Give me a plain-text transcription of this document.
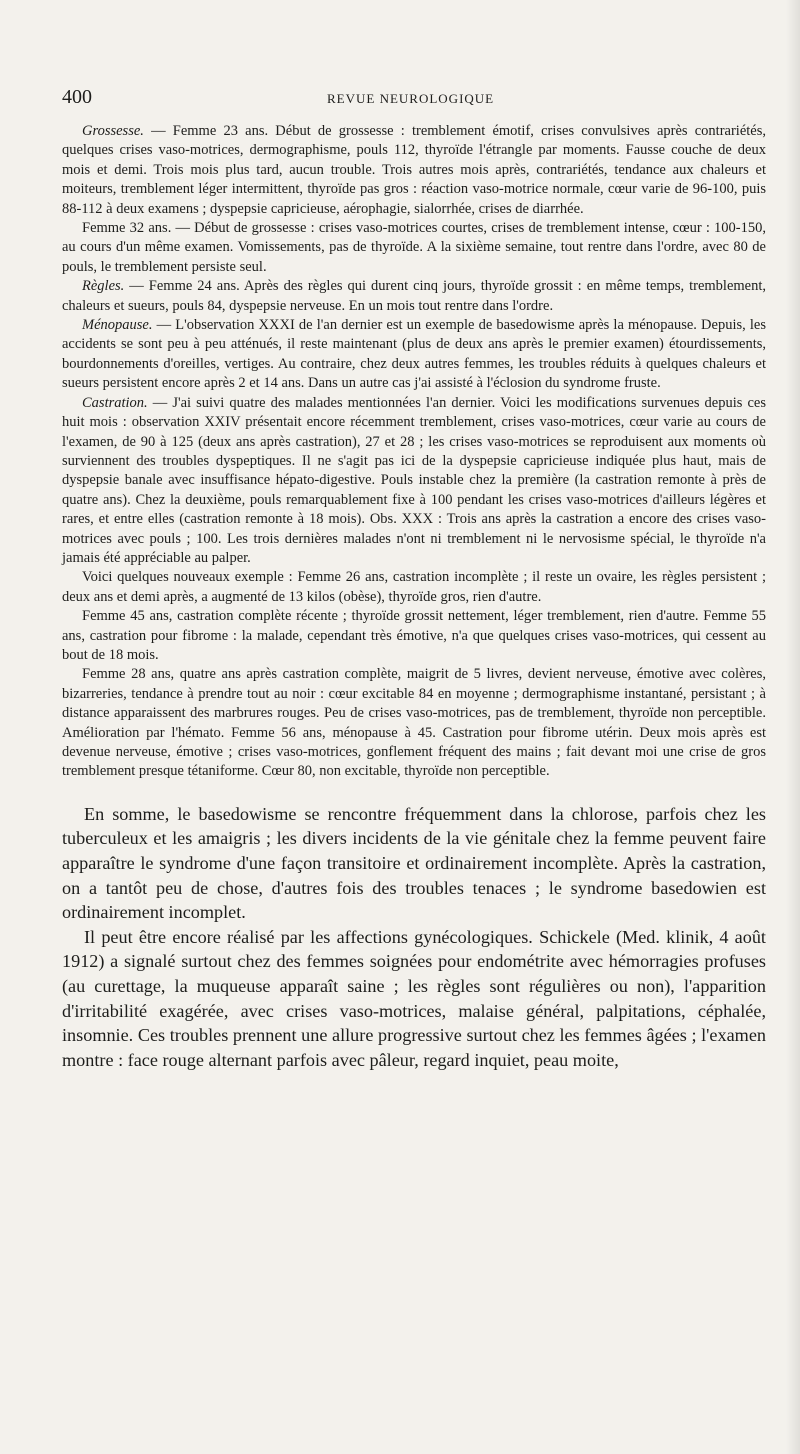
400	REVUE NEUROLOGIQUE

Grossesse. — Femme 23 ans. Début de grossesse : tremblement émotif, crises convulsives après contrariétés, quelques crises vaso-motrices, dermographisme, pouls 112, thyroïde l'étrangle par moments. Fausse couche de deux mois et demi. Trois mois plus tard, aucun trouble. Trois autres mois après, contrariétés, tendance aux chaleurs et moiteurs, tremblement léger intermittent, thyroïde pas gros : réaction vaso-motrice normale, cœur varie de 96-100, puis 88-112 à deux examens ; dyspepsie capricieuse, aérophagie, sialorrhée, crises de diarrhée.

Femme 32 ans. — Début de grossesse : crises vaso-motrices courtes, crises de tremblement intense, cœur : 100-150, au cours d'un même examen. Vomissements, pas de thyroïde. A la sixième semaine, tout rentre dans l'ordre, avec 80 de pouls, le tremblement persiste seul.

Règles. — Femme 24 ans. Après des règles qui durent cinq jours, thyroïde grossit : en même temps, tremblement, chaleurs et sueurs, pouls 84, dyspepsie nerveuse. En un mois tout rentre dans l'ordre.

Ménopause. — L'observation XXXI de l'an dernier est un exemple de basedowisme après la ménopause. Depuis, les accidents se sont peu à peu atténués, il reste maintenant (plus de deux ans après le premier examen) étourdissements, bourdonnements d'oreilles, vertiges. Au contraire, chez deux autres femmes, les troubles réduits à quelques chaleurs et sueurs persistent encore après 2 et 14 ans. Dans un autre cas j'ai assisté à l'éclosion du syndrome fruste.

Castration. — J'ai suivi quatre des malades mentionnées l'an dernier. Voici les modifications survenues depuis ces huit mois : observation XXIV présentait encore récemment tremblement, crises vaso-motrices, cœur varie au cours de l'examen, de 90 à 125 (deux ans après castration), 27 et 28 ; les crises vaso-motrices se reproduisent aux moments où surviennent des troubles dyspeptiques. Il ne s'agit pas ici de la dyspepsie capricieuse indiquée plus haut, mais de dyspepsie banale avec insuffisance hépato-digestive. Pouls instable chez la première (la castration remonte à près de quatre ans). Chez la deuxième, pouls remarquablement fixe à 100 pendant les crises vaso-motrices d'ailleurs légères et rares, et entre elles (castration remonte à 18 mois). Obs. XXX : Trois ans après la castration a encore des crises vaso-motrices avec pouls ; 100. Les trois dernières malades n'ont ni tremblement ni le nervosisme spécial, le thyroïde n'a jamais été appréciable au palper.

Voici quelques nouveaux exemple : Femme 26 ans, castration incomplète ; il reste un ovaire, les règles persistent ; deux ans et demi après, a augmenté de 13 kilos (obèse), thyroïde gros, rien d'autre.

Femme 45 ans, castration complète récente ; thyroïde grossit nettement, léger tremblement, rien d'autre. Femme 55 ans, castration pour fibrome : la malade, cependant très émotive, n'a que quelques crises vaso-motrices, qui cessent au bout de 18 mois.

Femme 28 ans, quatre ans après castration complète, maigrit de 5 livres, devient nerveuse, émotive avec colères, bizarreries, tendance à prendre tout au noir : cœur excitable 84 en moyenne ; dermographisme instantané, persistant ; à distance apparaissent des marbrures rouges. Peu de crises vaso-motrices, pas de tremblement, thyroïde non perceptible. Amélioration par l'hémato. Femme 56 ans, ménopause à 45. Castration pour fibrome utérin. Deux mois après est devenue nerveuse, émotive ; crises vaso-motrices, gonflement fréquent des mains ; fait devant moi une crise de gros tremblement presque tétaniforme. Cœur 80, non excitable, thyroïde non perceptible.

En somme, le basedowisme se rencontre fréquemment dans la chlorose, parfois chez les tuberculeux et les amaigris ; les divers incidents de la vie génitale chez la femme peuvent faire apparaître le syndrome d'une façon transitoire et ordinairement incomplète. Après la castration, on a tantôt peu de chose, d'autres fois des troubles tenaces ; le syndrome basedowien est ordinairement incomplet.

Il peut être encore réalisé par les affections gynécologiques. Schickele (Med. klinik, 4 août 1912) a signalé surtout chez des femmes soignées pour endométrite avec hémorragies profuses (au curettage, la muqueuse apparaît saine ; les règles sont régulières ou non), l'apparition d'irritabilité exagérée, avec crises vaso-motrices, malaise général, palpitations, céphalée, insomnie. Ces troubles prennent une allure progressive surtout chez les femmes âgées ; l'examen montre : face rouge alternant parfois avec pâleur, regard inquiet, peau moite,
